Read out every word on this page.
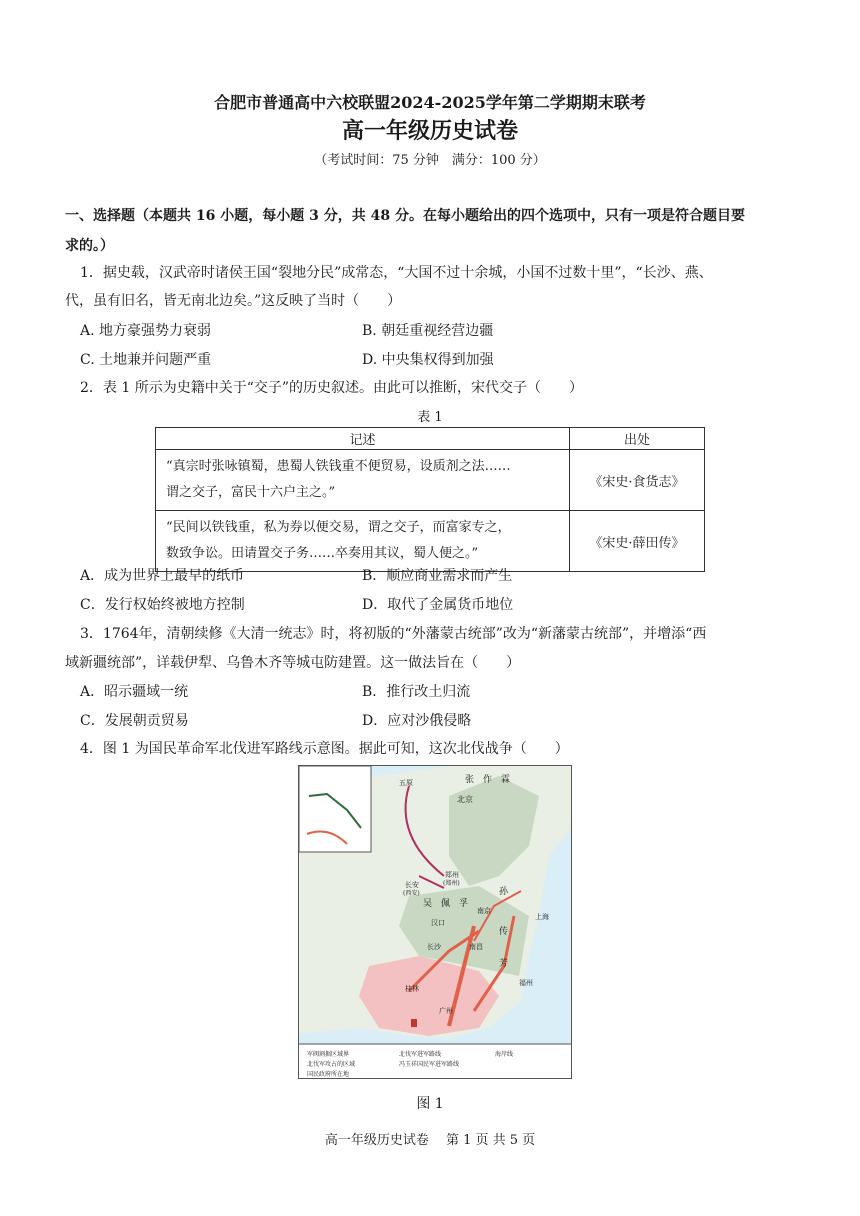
合肥市普通高中六校联盟2024-2025学年第二学期期末联考
高一年级历史试卷
（考试时间：75 分钟　满分：100 分）
一、选择题（本题共 16 小题，每小题 3 分，共 48 分。在每小题给出的四个选项中，只有一项是符合题目要
求的。）
1．据史载，汉武帝时诸侯王国“裂地分民”成常态，“大国不过十余城，小国不过数十里”，“长沙、燕、
代，虽有旧名，皆无南北边矣。”这反映了当时（　　）
A. 地方豪强势力衰弱	B. 朝廷重视经营边疆
C. 土地兼并问题严重	D. 中央集权得到加强
2．表 1 所示为史籍中关于“交子”的历史叙述。由此可以推断，宋代交子（　　）
表 1
记述	出处

“真宗时张咏镇蜀，患蜀人铁钱重不便贸易，设质剂之法……
谓之交子，富民十六户主之。”	《宋史·食货志》

“民间以铁钱重，私为券以便交易，谓之交子，而富家专之，
数致争讼。田请置交子务……卒奏用其议，蜀人便之。”	《宋史·薛田传》
A．成为世界上最早的纸币	B．顺应商业需求而产生
C．发行权始终被地方控制	D．取代了金属货币地位
3．1764年，清朝续修《大清一统志》时，将初版的“外藩蒙古统部”改为“新藩蒙古统部”，并增添“西
域新疆统部”，详载伊犁、乌鲁木齐等城屯防建置。这一做法旨在（　　）
A．昭示疆域一统	B．推行改土归流
C．发展朝贡贸易	D．应对沙俄侵略
4．图 1 为国民革命军北伐进军路线示意图。据此可知，这次北伐战争（　　）
张　作　霖
北京
五原
郑州
(郑州)
长安
(西安)
吴 佩 孚
孙
传
芳
汉口
南京
上海
长沙	南昌
福州
广州
桂林
军阀割据区域界	北伐军进军路线	海岸线
北伐军攻占的区域	冯玉祥国民军进军路线
国民政府所在地
图 1
高一年级历史试卷　 第 1 页 共 5 页
